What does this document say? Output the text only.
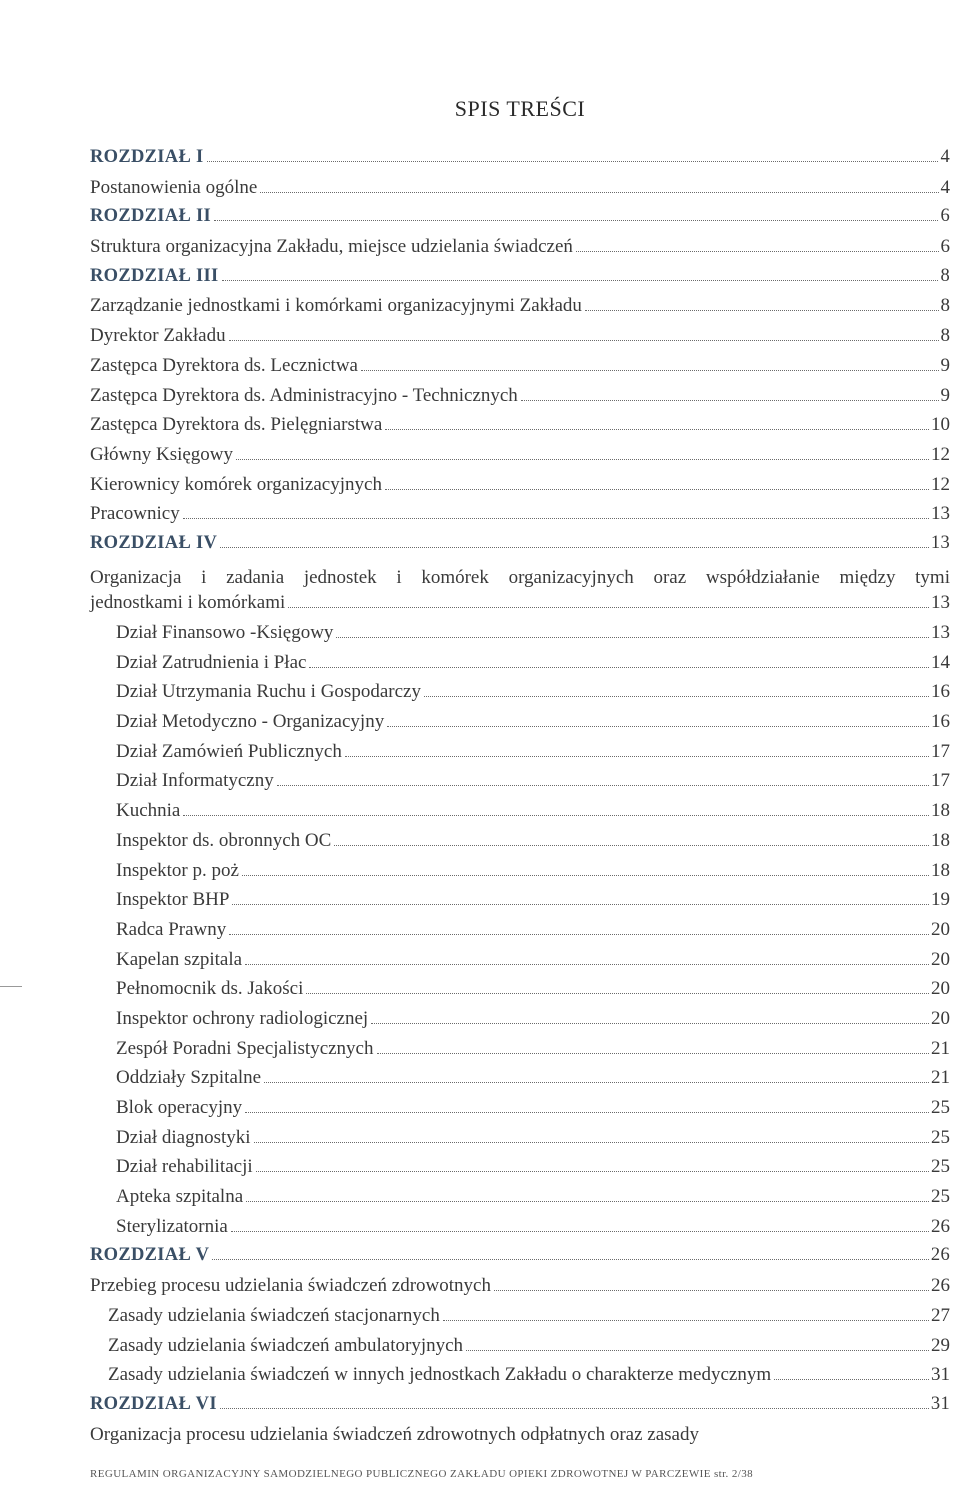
SPIS TREŚCI
ROZDZIAŁ I	4
Postanowienia ogólne	4
ROZDZIAŁ II	6
Struktura organizacyjna Zakładu, miejsce udzielania świadczeń	6
ROZDZIAŁ III	8
Zarządzanie jednostkami i komórkami organizacyjnymi Zakładu	8
Dyrektor Zakładu	8
Zastępca Dyrektora ds. Lecznictwa	9
Zastępca Dyrektora ds. Administracyjno - Technicznych	9
Zastępca Dyrektora ds. Pielęgniarstwa	10
Główny Księgowy	12
Kierownicy komórek organizacyjnych	12
Pracownicy	13
ROZDZIAŁ IV	13
Organizacja i zadania jednostek i komórek organizacyjnych oraz współdziałanie między tymi
jednostkami i komórkami	13
Dział Finansowo -Księgowy	13
Dział Zatrudnienia i Płac	14
Dział Utrzymania Ruchu i Gospodarczy	16
Dział Metodyczno - Organizacyjny	16
Dział Zamówień Publicznych	17
Dział Informatyczny	17
Kuchnia	18
Inspektor ds. obronnych OC	18
Inspektor p. poż	18
Inspektor BHP	19
Radca Prawny	20
Kapelan szpitala	20
Pełnomocnik ds. Jakości	20
Inspektor ochrony radiologicznej	20
Zespół Poradni Specjalistycznych	21
Oddziały Szpitalne	21
Blok operacyjny	25
Dział diagnostyki	25
Dział rehabilitacji	25
Apteka szpitalna	25
Sterylizatornia	26
ROZDZIAŁ V	26
Przebieg procesu udzielania świadczeń zdrowotnych	26
Zasady udzielania świadczeń stacjonarnych	27
Zasady udzielania świadczeń ambulatoryjnych	29
Zasady udzielania świadczeń w innych jednostkach Zakładu o charakterze medycznym	31
ROZDZIAŁ VI	31
Organizacja procesu udzielania świadczeń zdrowotnych odpłatnych oraz zasady
REGULAMIN ORGANIZACYJNY SAMODZIELNEGO PUBLICZNEGO ZAKŁADU OPIEKI ZDROWOTNEJ W PARCZEWIE str. 2/38
